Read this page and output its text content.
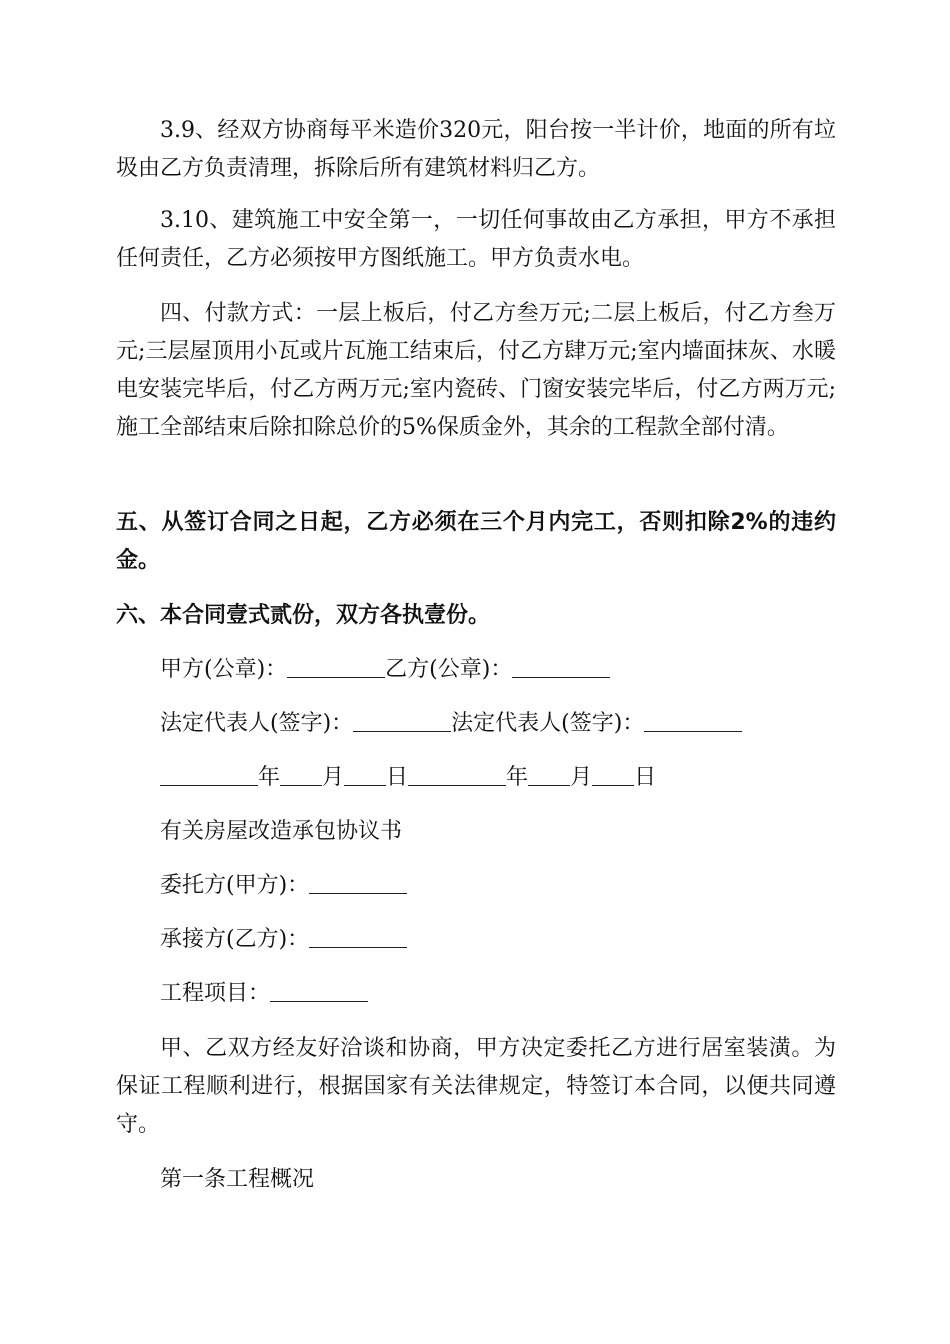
3.9、经双方协商每平米造价320元，阳台按一半计价，地面的所有垃圾由乙方负责清理，拆除后所有建筑材料归乙方。

3.10、建筑施工中安全第一，一切任何事故由乙方承担，甲方不承担任何责任，乙方必须按甲方图纸施工。甲方负责水电。

四、付款方式：一层上板后，付乙方叁万元;二层上板后，付乙方叁万元;三层屋顶用小瓦或片瓦施工结束后，付乙方肆万元;室内墙面抹灰、水暖电安装完毕后，付乙方两万元;室内瓷砖、门窗安装完毕后，付乙方两万元;施工全部结束后除扣除总价的5%保质金外，其余的工程款全部付清。

五、从签订合同之日起，乙方必须在三个月内完工，否则扣除2%的违约金。

六、本合同壹式贰份，双方各执壹份。

甲方(公章)：	乙方(公章)：

法定代表人(签字)：	法定代表人(签字)：

年 月 日	年 月 日

有关房屋改造承包协议书

委托方(甲方)：

承接方(乙方)：

工程项目：

甲、乙双方经友好洽谈和协商，甲方决定委托乙方进行居室装潢。为保证工程顺利进行，根据国家有关法律规定，特签订本合同，以便共同遵守。

第一条工程概况
